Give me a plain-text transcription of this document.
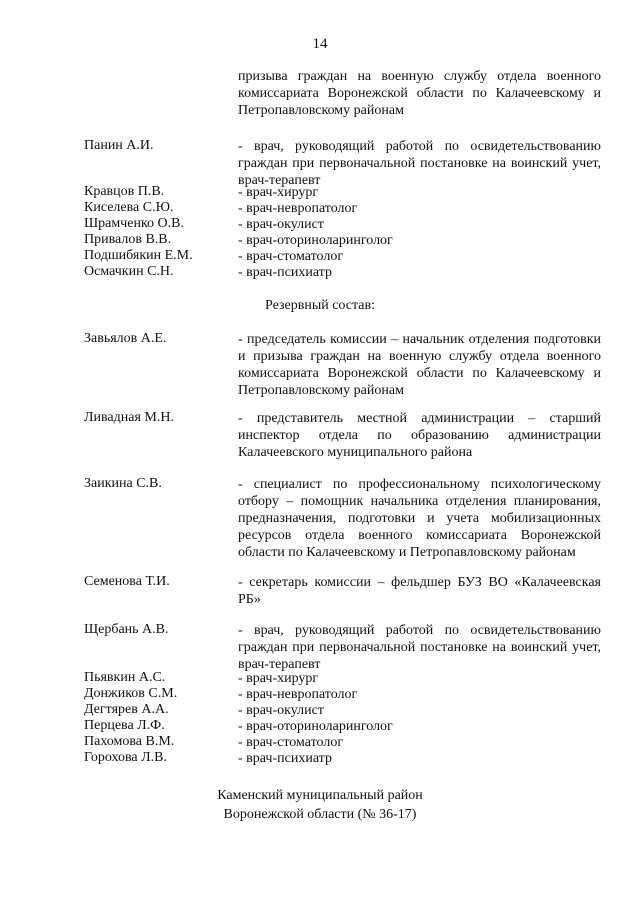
14
призыва граждан на военную службу отдела военного комиссариата Воронежской области по Калачеевскому и Петропавловскому районам
Панин А.И.	- врач, руководящий работой по освидетельствованию граждан при первоначальной постановке на воинский учет, врач-терапевт
Кравцов П.В.	- врач-хирург
Киселева С.Ю.	- врач-невропатолог
Шрамченко О.В.	- врач-окулист
Привалов В.В.	- врач-оториноларинголог
Подшибякин Е.М.	- врач-стоматолог
Осмачкин С.Н.	- врач-психиатр
Резервный состав:
Завьялов А.Е.	- председатель комиссии – начальник отделения подготовки и призыва граждан на военную службу отдела военного комиссариата Воронежской области по Калачеевскому и Петропавловскому районам
Ливадная М.Н.	- представитель местной администрации – старший инспектор отдела по образованию администрации Калачеевского муниципального района
Заикина С.В.	- специалист по профессиональному психологическому отбору – помощник начальника отделения планирования, предназначения, подготовки и учета мобилизационных ресурсов отдела военного комиссариата Воронежской области по Калачеевскому и Петропавловскому районам
Семенова Т.И.	- секретарь комиссии – фельдшер БУЗ ВО «Калачеевская РБ»
Щербань А.В.	- врач, руководящий работой по освидетельствованию граждан при первоначальной постановке на воинский учет, врач-терапевт
Пьявкин А.С.	- врач-хирург
Донжиков С.М.	- врач-невропатолог
Дегтярев А.А.	- врач-окулист
Перцева Л.Ф.	- врач-оториноларинголог
Пахомова В.М.	- врач-стоматолог
Горохова Л.В.	- врач-психиатр
Каменский муниципальный район
Воронежской области (№ 36-17)
